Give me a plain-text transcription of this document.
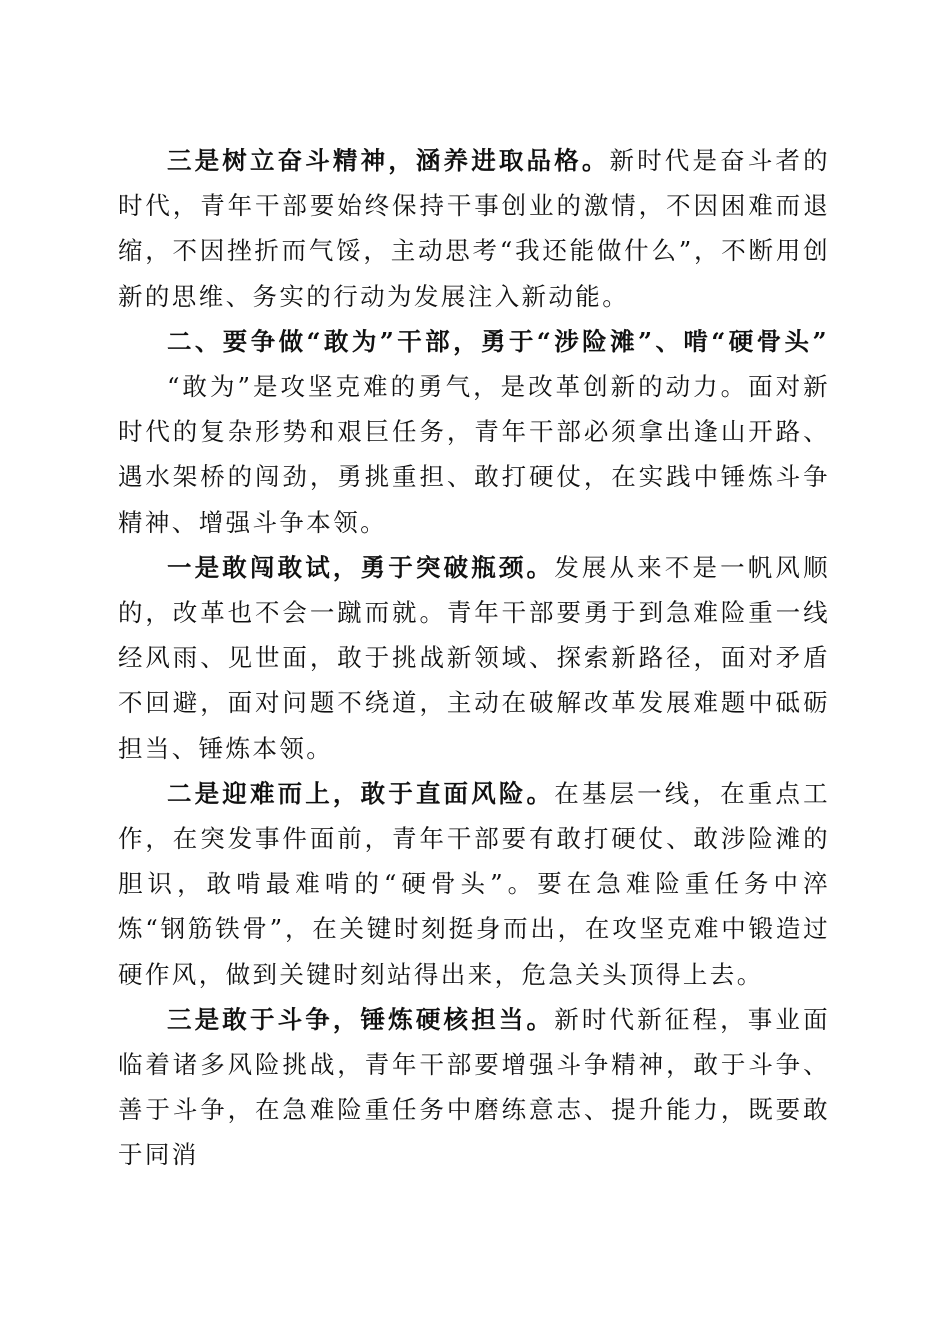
三是树立奋斗精神，涵养进取品格。新时代是奋斗者的时代，青年干部要始终保持干事创业的激情，不因困难而退缩，不因挫折而气馁，主动思考“我还能做什么”，不断用创新的思维、务实的行动为发展注入新动能。

二、要争做“敢为”干部，勇于“涉险滩”、啃“硬骨头”

“敢为”是攻坚克难的勇气，是改革创新的动力。面对新时代的复杂形势和艰巨任务，青年干部必须拿出逢山开路、遇水架桥的闯劲，勇挑重担、敢打硬仗，在实践中锤炼斗争精神、增强斗争本领。

一是敢闯敢试，勇于突破瓶颈。发展从来不是一帆风顺的，改革也不会一蹴而就。青年干部要勇于到急难险重一线经风雨、见世面，敢于挑战新领域、探索新路径，面对矛盾不回避，面对问题不绕道，主动在破解改革发展难题中砥砺担当、锤炼本领。

二是迎难而上，敢于直面风险。在基层一线，在重点工作，在突发事件面前，青年干部要有敢打硬仗、敢涉险滩的胆识，敢啃最难啃的“硬骨头”。要在急难险重任务中淬炼“钢筋铁骨”，在关键时刻挺身而出，在攻坚克难中锻造过硬作风，做到关键时刻站得出来，危急关头顶得上去。

三是敢于斗争，锤炼硬核担当。新时代新征程，事业面临着诸多风险挑战，青年干部要增强斗争精神，敢于斗争、善于斗争，在急难险重任务中磨练意志、提升能力，既要敢于同消
